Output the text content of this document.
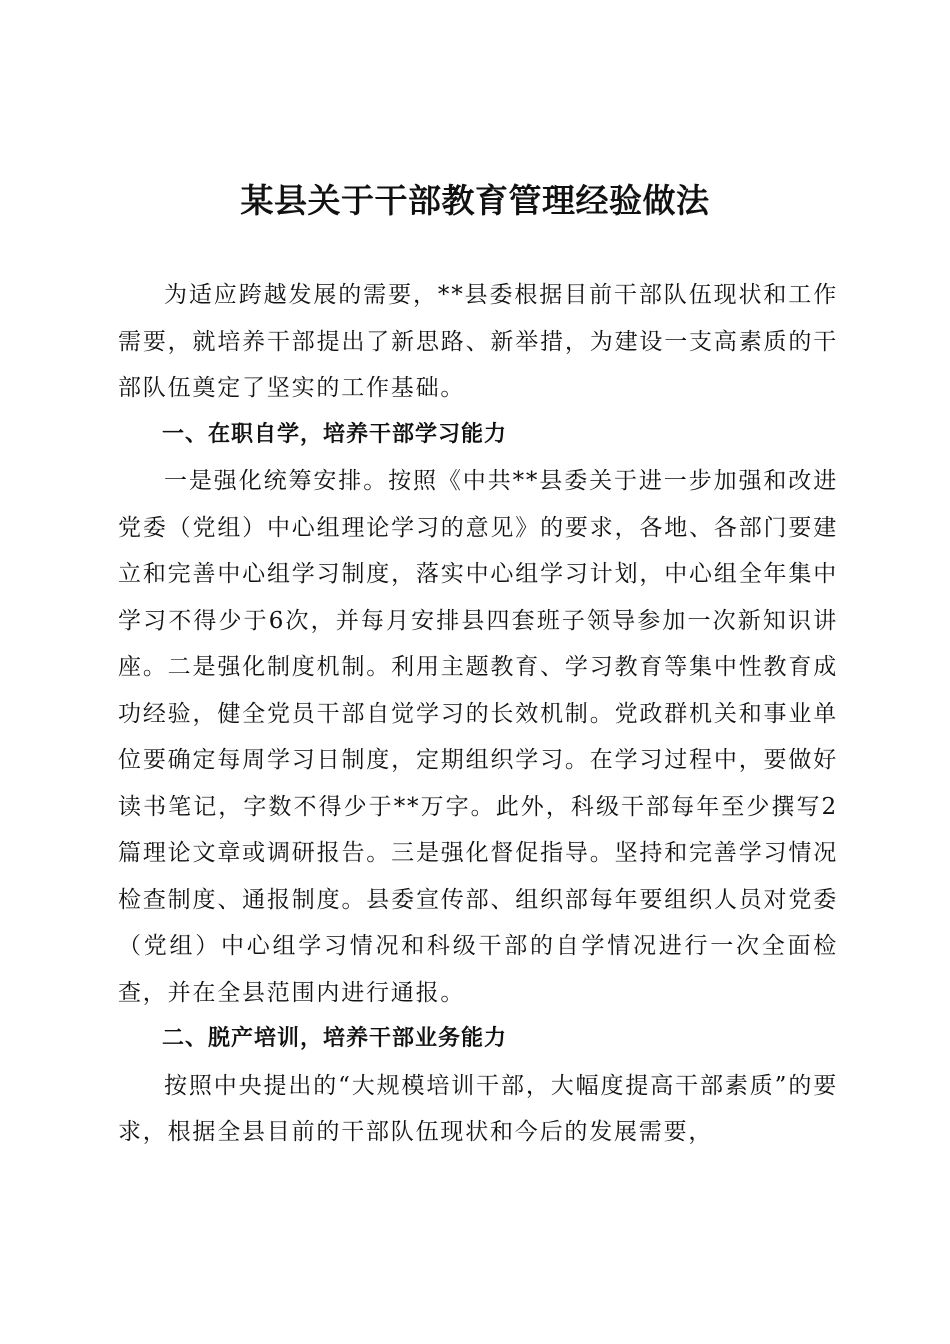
某县关于干部教育管理经验做法

为适应跨越发展的需要，**县委根据目前干部队伍现状和工作需要，就培养干部提出了新思路、新举措，为建设一支高素质的干部队伍奠定了坚实的工作基础。

一、在职自学，培养干部学习能力

一是强化统筹安排。按照《中共**县委关于进一步加强和改进党委（党组）中心组理论学习的意见》的要求，各地、各部门要建立和完善中心组学习制度，落实中心组学习计划，中心组全年集中学习不得少于6次，并每月安排县四套班子领导参加一次新知识讲座。二是强化制度机制。利用主题教育、学习教育等集中性教育成功经验，健全党员干部自觉学习的长效机制。党政群机关和事业单位要确定每周学习日制度，定期组织学习。在学习过程中，要做好读书笔记，字数不得少于**万字。此外，科级干部每年至少撰写2篇理论文章或调研报告。三是强化督促指导。坚持和完善学习情况检查制度、通报制度。县委宣传部、组织部每年要组织人员对党委（党组）中心组学习情况和科级干部的自学情况进行一次全面检查，并在全县范围内进行通报。

二、脱产培训，培养干部业务能力

按照中央提出的“大规模培训干部，大幅度提高干部素质”的要求，根据全县目前的干部队伍现状和今后的发展需要，
